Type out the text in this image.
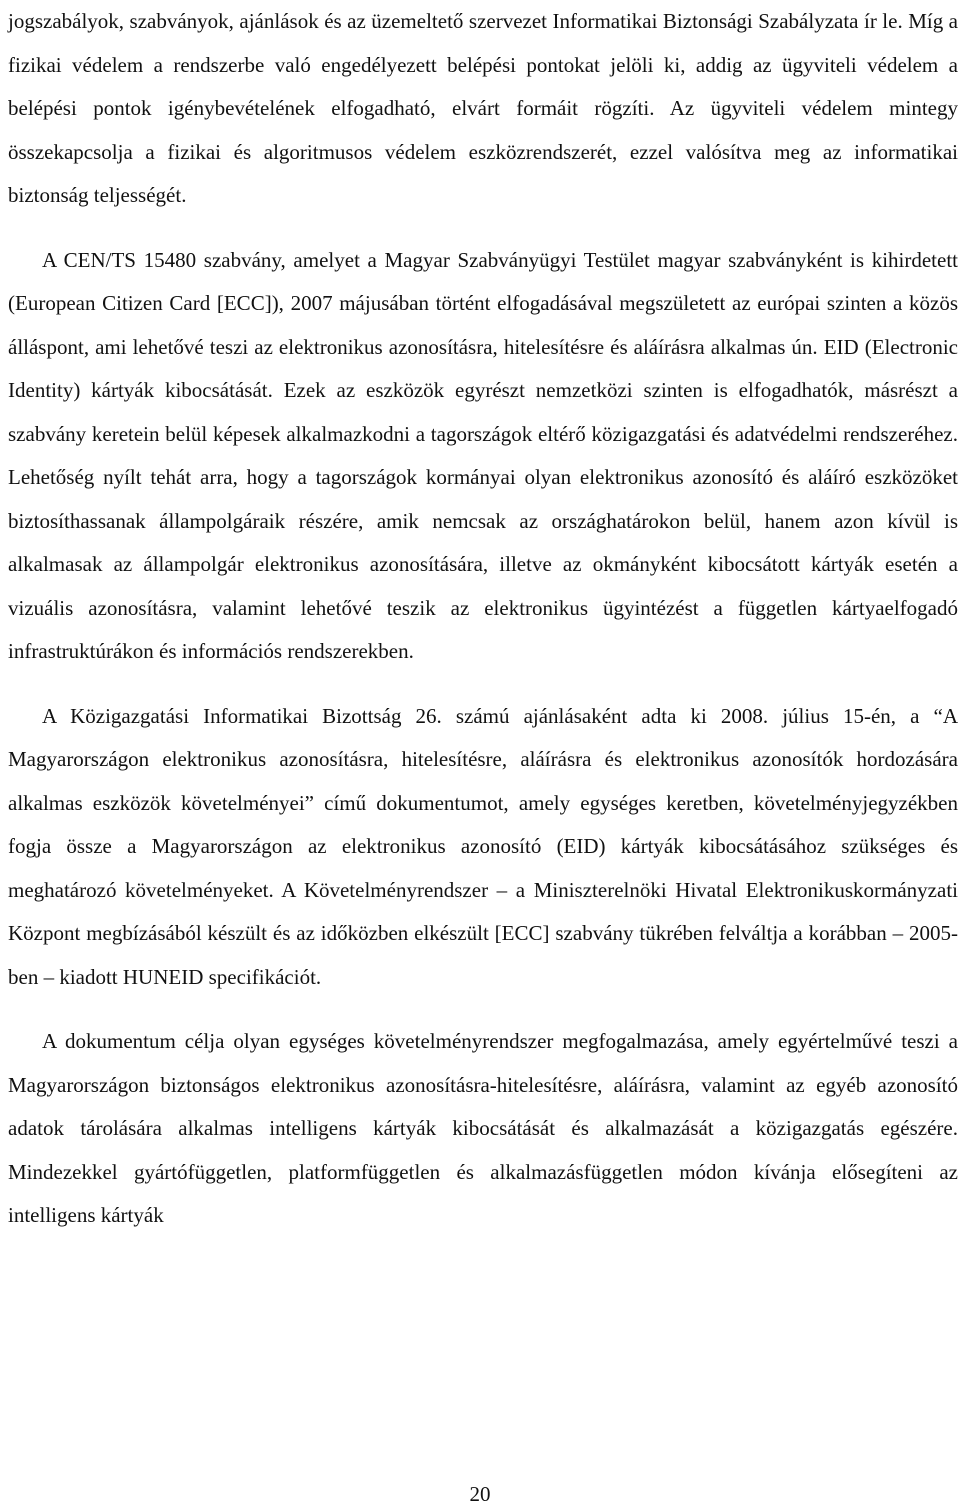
jogszabályok, szabványok, ajánlások és az üzemeltető szervezet Informatikai Biztonsági Szabályzata ír le. Míg a fizikai védelem a rendszerbe való engedélyezett belépési pontokat jelöli ki, addig az ügyviteli védelem a belépési pontok igénybevételének elfogadható, elvárt formáit rögzíti. Az ügyviteli védelem mintegy összekapcsolja a fizikai és algoritmusos védelem eszközrendszerét, ezzel valósítva meg az informatikai biztonság teljességét.

A CEN/TS 15480 szabvány, amelyet a Magyar Szabványügyi Testület magyar szabványként is kihirdetett (European Citizen Card [ECC]), 2007 májusában történt elfogadásával megszületett az európai szinten a közös álláspont, ami lehetővé teszi az elektronikus azonosításra, hitelesítésre és aláírásra alkalmas ún. EID (Electronic Identity) kártyák kibocsátását. Ezek az eszközök egyrészt nemzetközi szinten is elfogadhatók, másrészt a szabvány keretein belül képesek alkalmazkodni a tagországok eltérő közigazgatási és adatvédelmi rendszeréhez. Lehetőség nyílt tehát arra, hogy a tagországok kormányai olyan elektronikus azonosító és aláíró eszközöket biztosíthassanak állampolgáraik részére, amik nemcsak az országhatárokon belül, hanem azon kívül is alkalmasak az állampolgár elektronikus azonosítására, illetve az okmányként kibocsátott kártyák esetén a vizuális azonosításra, valamint lehetővé teszik az elektronikus ügyintézést a független kártyaelfogadó infrastruktúrákon és információs rendszerekben.

A Közigazgatási Informatikai Bizottság 26. számú ajánlásaként adta ki 2008. július 15-én, a “A Magyarországon elektronikus azonosításra, hitelesítésre, aláírásra és elektronikus azonosítók hordozására alkalmas eszközök követelményei” című dokumentumot, amely egységes keretben, követelményjegyzékben fogja össze a Magyarországon az elektronikus azonosító (EID) kártyák kibocsátásához szükséges és meghatározó követelményeket. A Követelményrendszer – a Miniszterelnöki Hivatal Elektronikuskormányzati Központ megbízásából készült és az időközben elkészült [ECC] szabvány tükrében felváltja a korábban – 2005-ben – kiadott HUNEID specifikációt.

A dokumentum célja olyan egységes követelményrendszer megfogalmazása, amely egyértelművé teszi a Magyarországon biztonságos elektronikus azonosításra-hitelesítésre, aláírásra, valamint az egyéb azonosító adatok tárolására alkalmas intelligens kártyák kibocsátását és alkalmazását a közigazgatás egészére. Mindezekkel gyártófüggetlen, platformfüggetlen és alkalmazásfüggetlen módon kívánja elősegíteni az intelligens kártyák

20
